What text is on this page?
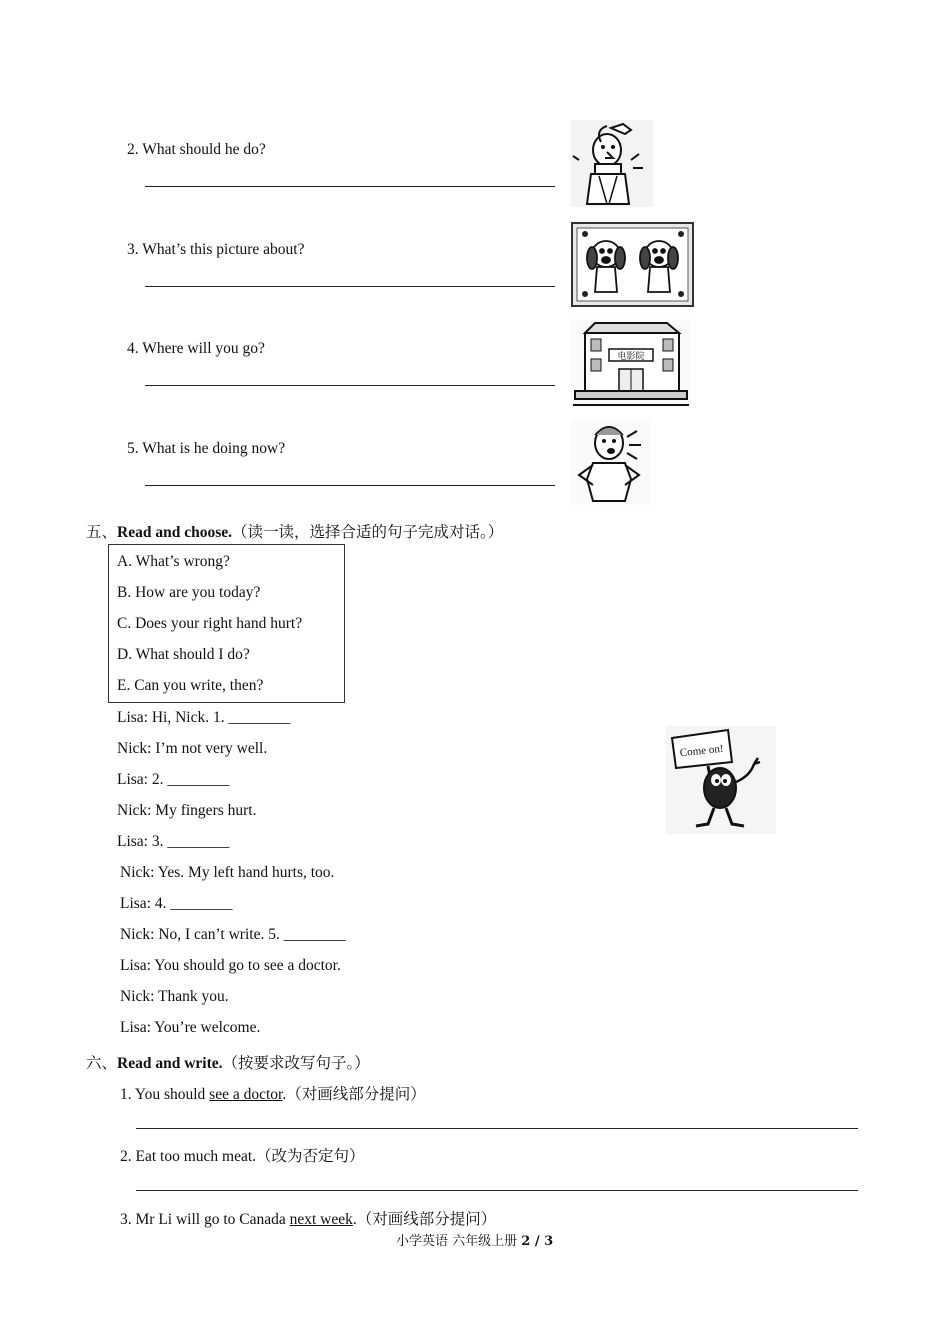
2. What should he do?
3. What’s this picture about?
4. Where will you go?	电影院
5. What is he doing now?
五、Read and choose.（读一读，选择合适的句子完成对话。）
A. What’s wrong?
B. How are you today?
C. Does your right hand hurt?
D. What should I do?
E. Can you write, then?
Lisa: Hi, Nick. 1. ________
Nick: I’m not very well.
Lisa: 2. ________
Nick: My fingers hurt.
Lisa: 3. ________
Nick: Yes. My left hand hurts, too.
Lisa: 4. ________
Nick: No, I can’t write. 5. ________
Lisa: You should go to see a doctor.
Nick: Thank you.
Lisa: You’re welcome.
Come on!
六、Read and write.（按要求改写句子。）
1. You should see a doctor.（对画线部分提问）
2. Eat too much meat.（改为否定句）
3. Mr Li will go to Canada next week.（对画线部分提问）
小学英语 六年级上册 2 / 3
